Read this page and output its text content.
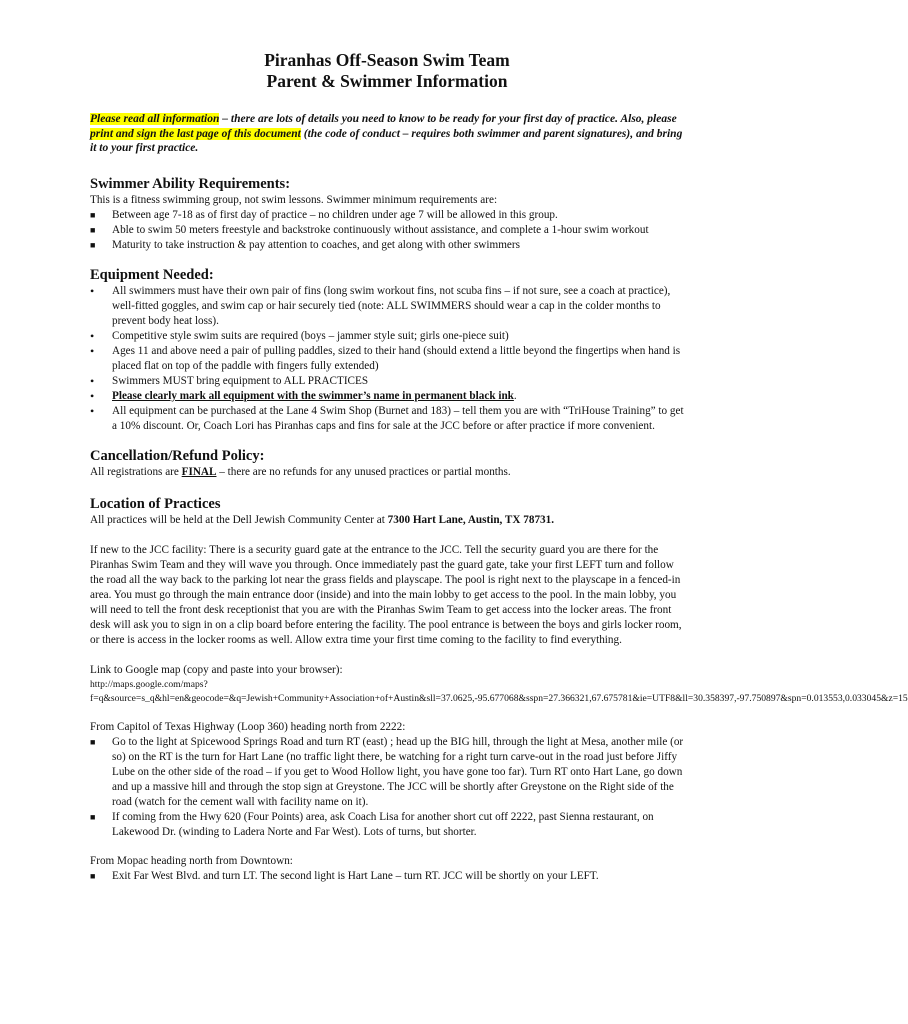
Piranhas Off-Season Swim Team
Parent & Swimmer Information

Please read all information – there are lots of details you need to know to be ready for your first day of practice. Also, please print and sign the last page of this document (the code of conduct – requires both swimmer and parent signatures), and bring it to your first practice.

Swimmer Ability Requirements:

This is a fitness swimming group, not swim lessons. Swimmer minimum requirements are:

■	Between age 7-18 as of first day of practice – no children under age 7 will be allowed in this group.
■	Able to swim 50 meters freestyle and backstroke continuously without assistance, and complete a 1-hour swim workout
■	Maturity to take instruction & pay attention to coaches, and get along with other swimmers
Equipment Needed:
•	All swimmers must have their own pair of fins (long swim workout fins, not scuba fins – if not sure, see a coach at practice), well-fitted goggles, and swim cap or hair securely tied (note: ALL SWIMMERS should wear a cap in the colder months to prevent body heat loss).
•	Competitive style swim suits are required (boys – jammer style suit; girls one-piece suit)
•	Ages 11 and above need a pair of pulling paddles, sized to their hand (should extend a little beyond the fingertips when hand is placed flat on top of the paddle with fingers fully extended)
•	Swimmers MUST bring equipment to ALL PRACTICES
•	Please clearly mark all equipment with the swimmer’s name in permanent black ink.
•	All equipment can be purchased at the Lane 4 Swim Shop (Burnet and 183) – tell them you are with “TriHouse Training” to get a 10% discount. Or, Coach Lori has Piranhas caps and fins for sale at the JCC before or after practice if more convenient.
Cancellation/Refund Policy:

All registrations are FINAL – there are no refunds for any unused practices or partial months.

Location of Practices

All practices will be held at the Dell Jewish Community Center at 7300 Hart Lane, Austin, TX 78731.

If new to the JCC facility: There is a security guard gate at the entrance to the JCC. Tell the security guard you are there for the Piranhas Swim Team and they will wave you through. Once immediately past the guard gate, take your first LEFT turn and follow the road all the way back to the parking lot near the grass fields and playscape. The pool is right next to the playscape in a fenced-in area. You must go through the main entrance door (inside) and into the main lobby to get access to the pool. In the main lobby, you will need to tell the front desk receptionist that you are with the Piranhas Swim Team to get access into the locker areas. The front desk will ask you to sign in on a clip board before entering the facility. The pool entrance is between the boys and girls locker room, or there is access in the locker rooms as well. Allow extra time your first time coming to the facility to find everything.

Link to Google map (copy and paste into your browser):

http://maps.google.com/maps?f=q&source=s_q&hl=en&geocode=&q=Jewish+Community+Association+of+Austin&sll=37.0625,-95.677068&sspn=27.366321,67.675781&ie=UTF8&ll=30.358397,-97.750897&spn=0.013553,0.033045&z=15

From Capitol of Texas Highway (Loop 360) heading north from 2222:

■	Go to the light at Spicewood Springs Road and turn RT (east) ; head up the BIG hill, through the light at Mesa, another mile (or so) on the RT is the turn for Hart Lane (no traffic light there, be watching for a right turn carve-out in the road just before Jiffy Lube on the other side of the road – if you get to Wood Hollow light, you have gone too far). Turn RT onto Hart Lane, go down and up a massive hill and through the stop sign at Greystone. The JCC will be shortly after Greystone on the Right side of the road (watch for the cement wall with facility name on it).
■	If coming from the Hwy 620 (Four Points) area, ask Coach Lisa for another short cut off 2222, past Sienna restaurant, on Lakewood Dr. (winding to Ladera Norte and Far West). Lots of turns, but shorter.

From Mopac heading north from Downtown:

■	Exit Far West Blvd. and turn LT. The second light is Hart Lane – turn RT. JCC will be shortly on your LEFT.
